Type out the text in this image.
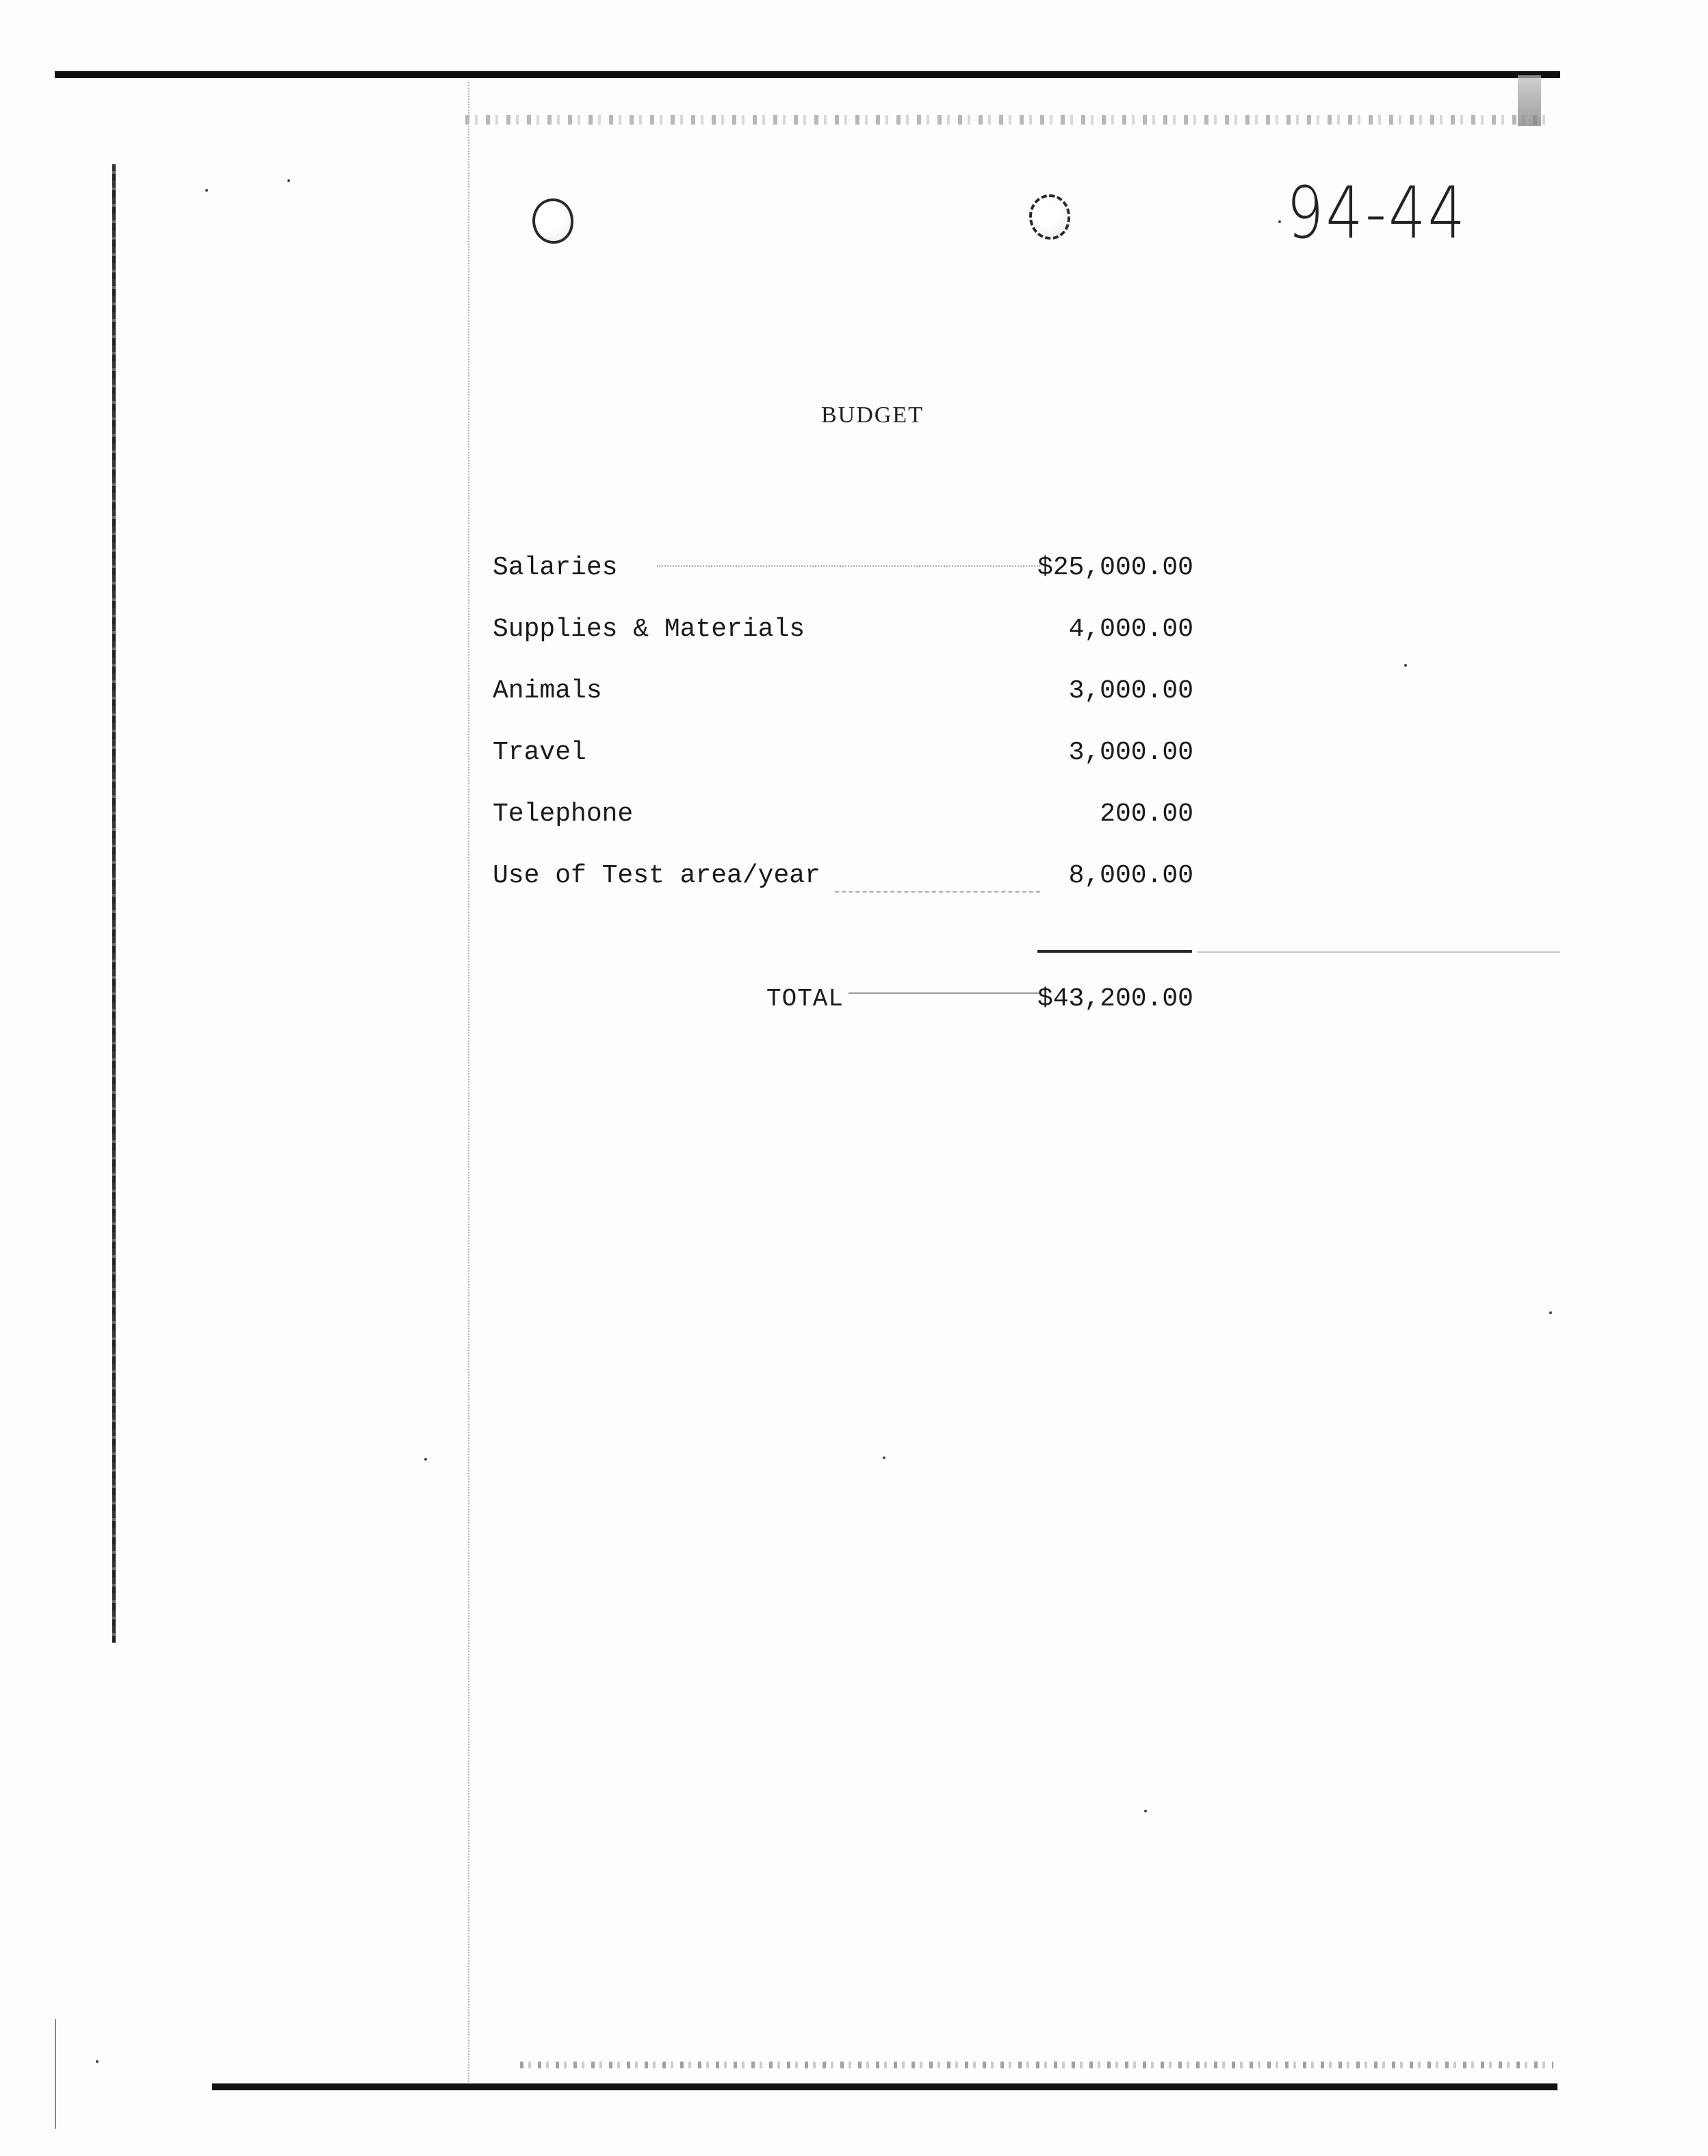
94-44
BUDGET
Salaries	$25,000.00
Supplies & Materials	4,000.00
Animals	3,000.00
Travel	3,000.00
Telephone	200.00
Use of Test area/year	8,000.00
TOTAL	$43,200.00
